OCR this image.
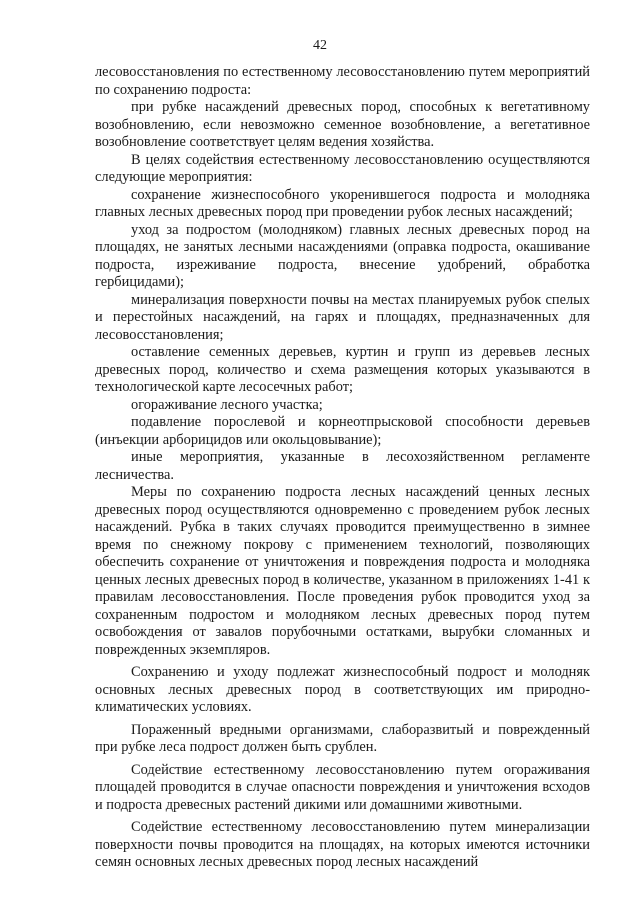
42

лесовосстановления по естественному лесовосстановлению путем мероприятий по сохранению подроста:

при рубке насаждений древесных пород, способных к вегетативному возобновлению, если невозможно семенное возобновление, а вегетативное возобновление соответствует целям ведения хозяйства.

В целях содействия естественному лесовосстановлению осуществляются следующие мероприятия:

сохранение жизнеспособного укоренившегося подроста и молодняка главных лесных древесных пород при проведении рубок лесных насаждений;

уход за подростом (молодняком) главных лесных древесных пород на площадях, не занятых лесными насаждениями (оправка подроста, окашивание подроста, изреживание подроста, внесение удобрений, обработка гербицидами);

минерализация поверхности почвы на местах планируемых рубок спелых и перестойных насаждений, на гарях и площадях, предназначенных для лесовосстановления;

оставление семенных деревьев, куртин и групп из деревьев лесных древесных пород, количество и схема размещения которых указываются в технологической карте лесосечных работ;

огораживание лесного участка;

подавление порослевой и корнеотпрысковой способности деревьев (инъекции арборицидов или окольцовывание);

иные мероприятия, указанные в лесохозяйственном регламенте лесничества.

Меры по сохранению подроста лесных насаждений ценных лесных древесных пород осуществляются одновременно с проведением рубок лесных насаждений. Рубка в таких случаях проводится преимущественно в зимнее время по снежному покрову с применением технологий, позволяющих обеспечить сохранение от уничтожения и повреждения подроста и молодняка ценных лесных древесных пород в количестве, указанном в приложениях 1-41 к правилам лесовосстановления. После проведения рубок проводится уход за сохраненным подростом и молодняком лесных древесных пород путем освобождения от завалов порубочными остатками, вырубки сломанных и поврежденных экземпляров.

Сохранению и уходу подлежат жизнеспособный подрост и молодняк основных лесных древесных пород в соответствующих им природно-климатических условиях.

Пораженный вредными организмами, слаборазвитый и поврежденный при рубке леса подрост должен быть срублен.

Содействие естественному лесовосстановлению путем огораживания площадей проводится в случае опасности повреждения и уничтожения всходов и подроста древесных растений дикими или домашними животными.

Содействие естественному лесовосстановлению путем минерализации поверхности почвы проводится на площадях, на которых имеются источники семян основных лесных древесных пород лесных насаждений
